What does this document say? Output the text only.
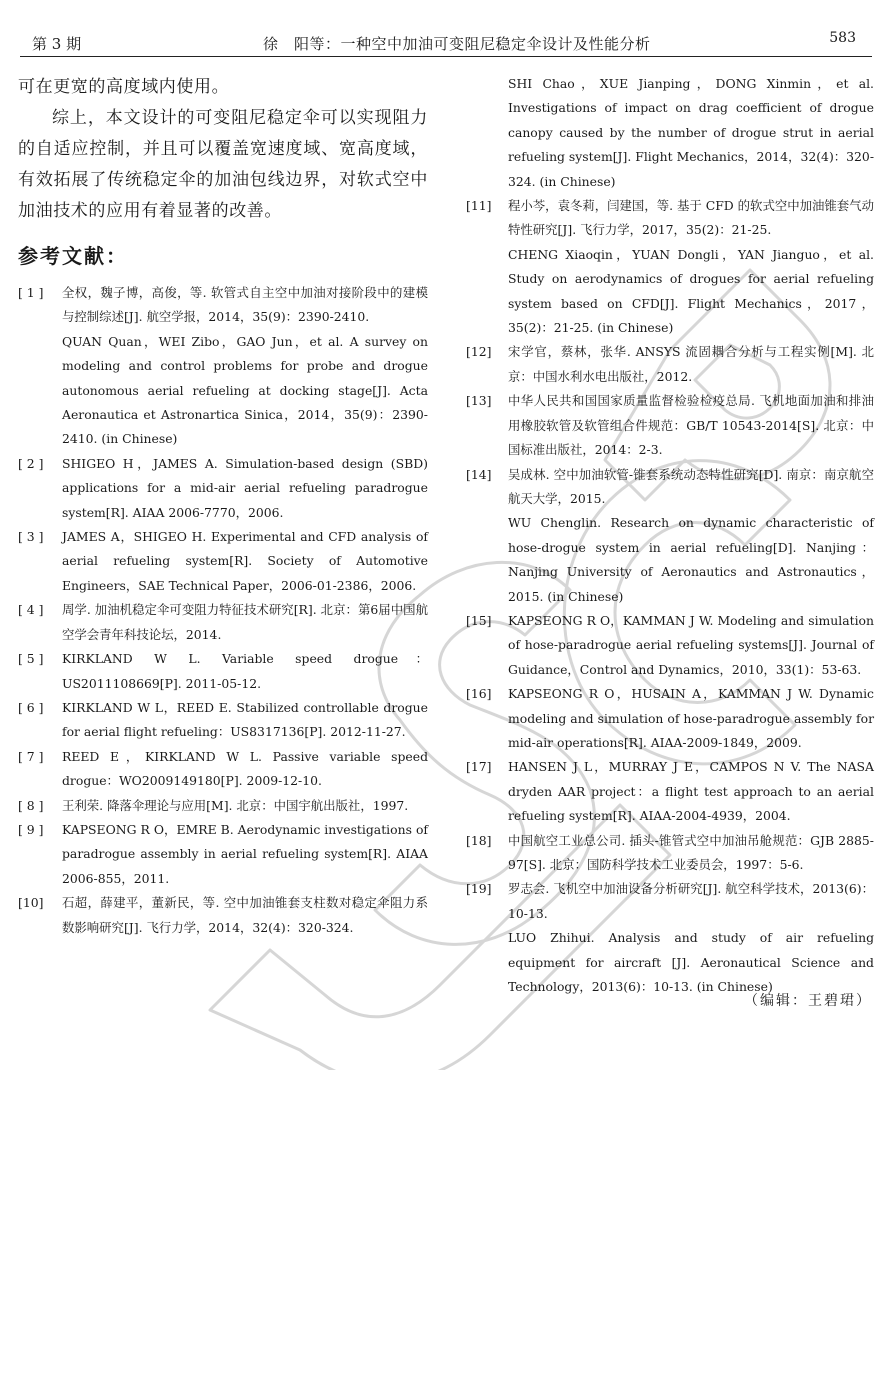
第 3 期	徐　阳等：一种空中加油可变阻尼稳定伞设计及性能分析	583

可在更宽的高度域内使用。

综上，本文设计的可变阻尼稳定伞可以实现阻力的自适应控制，并且可以覆盖宽速度域、宽高度域，有效拓展了传统稳定伞的加油包线边界，对软式空中加油技术的应用有着显著的改善。

参考文献：
[ 1 ]	全权，魏子博，高俊，等. 软管式自主空中加油对接阶段中的建模与控制综述[J]. 航空学报，2014，35(9)：2390-2410.
QUAN Quan，WEI Zibo，GAO Jun，et al. A survey on modeling and control problems for probe and drogue autonomous aerial refueling at docking stage[J]. Acta Aeronautica et Astronartica Sinica，2014，35(9)：2390-2410. (in Chinese)
[ 2 ]	SHIGEO H，JAMES A. Simulation-based design (SBD) applications for a mid-air aerial refueling paradrogue system[R]. AIAA 2006-7770，2006.
[ 3 ]	JAMES A，SHIGEO H. Experimental and CFD analysis of aerial refueling system[R]. Society of Automotive Engineers，SAE Technical Paper，2006-01-2386，2006.
[ 4 ]	周学. 加油机稳定伞可变阻力特征技术研究[R]. 北京：第6届中国航空学会青年科技论坛，2014.
[ 5 ]	KIRKLAND W L. Variable speed drogue：US2011108669[P]. 2011-05-12.
[ 6 ]	KIRKLAND W L，REED E. Stabilized controllable drogue for aerial flight refueling：US8317136[P]. 2012-11-27.
[ 7 ]	REED E，KIRKLAND W L. Passive variable speed drogue：WO2009149180[P]. 2009-12-10.
[ 8 ]	王利荣. 降落伞理论与应用[M]. 北京：中国宇航出版社，1997.
[ 9 ]	KAPSEONG R O，EMRE B. Aerodynamic investigations of paradrogue assembly in aerial refueling system[R]. AIAA 2006-855，2011.
[10]	石超，薛建平，董新民，等. 空中加油锥套支柱数对稳定伞阻力系数影响研究[J]. 飞行力学，2014，32(4)：320-324.
SHI Chao，XUE Jianping，DONG Xinmin，et al. Investigations of impact on drag coefficient of drogue canopy caused by the number of drogue strut in aerial refueling system[J]. Flight Mechanics，2014，32(4)：320-324. (in Chinese)
[11]	程小芩，袁冬莉，闫建国，等. 基于 CFD 的软式空中加油锥套气动特性研究[J]. 飞行力学，2017，35(2)：21-25.
CHENG Xiaoqin，YUAN Dongli，YAN Jianguo，et al. Study on aerodynamics of drogues for aerial refueling system based on CFD[J]. Flight Mechanics，2017，35(2)：21-25. (in Chinese)
[12]	宋学官，蔡林，张华. ANSYS 流固耦合分析与工程实例[M]. 北京：中国水利水电出版社，2012.
[13]	中华人民共和国国家质量监督检验检疫总局. 飞机地面加油和排油用橡胶软管及软管组合件规范：GB/T 10543-2014[S]. 北京：中国标准出版社，2014：2-3.
[14]	吴成林. 空中加油软管-锥套系统动态特性研究[D]. 南京：南京航空航天大学，2015.
WU Chenglin. Research on dynamic characteristic of hose-drogue system in aerial refueling[D]. Nanjing：Nanjing University of Aeronautics and Astronautics，2015. (in Chinese)
[15]	KAPSEONG R O，KAMMAN J W. Modeling and simulation of hose-paradrogue aerial refueling systems[J]. Journal of Guidance，Control and Dynamics，2010，33(1)：53-63.
[16]	KAPSEONG R O，HUSAIN A，KAMMAN J W. Dynamic modeling and simulation of hose-paradrogue assembly for mid-air operations[R]. AIAA-2009-1849，2009.
[17]	HANSEN J L，MURRAY J E，CAMPOS N V. The NASA dryden AAR project：a flight test approach to an aerial refueling system[R]. AIAA-2004-4939，2004.
[18]	中国航空工业总公司. 插头-锥管式空中加油吊舱规范：GJB 2885-97[S]. 北京：国防科学技术工业委员会，1997：5-6.
[19]	罗志会. 飞机空中加油设备分析研究[J]. 航空科学技术，2013(6)：10-13.
LUO Zhihui. Analysis and study of air refueling equipment for aircraft [J]. Aeronautical Science and Technology，2013(6)：10-13. (in Chinese)
（编辑：王碧珺）
